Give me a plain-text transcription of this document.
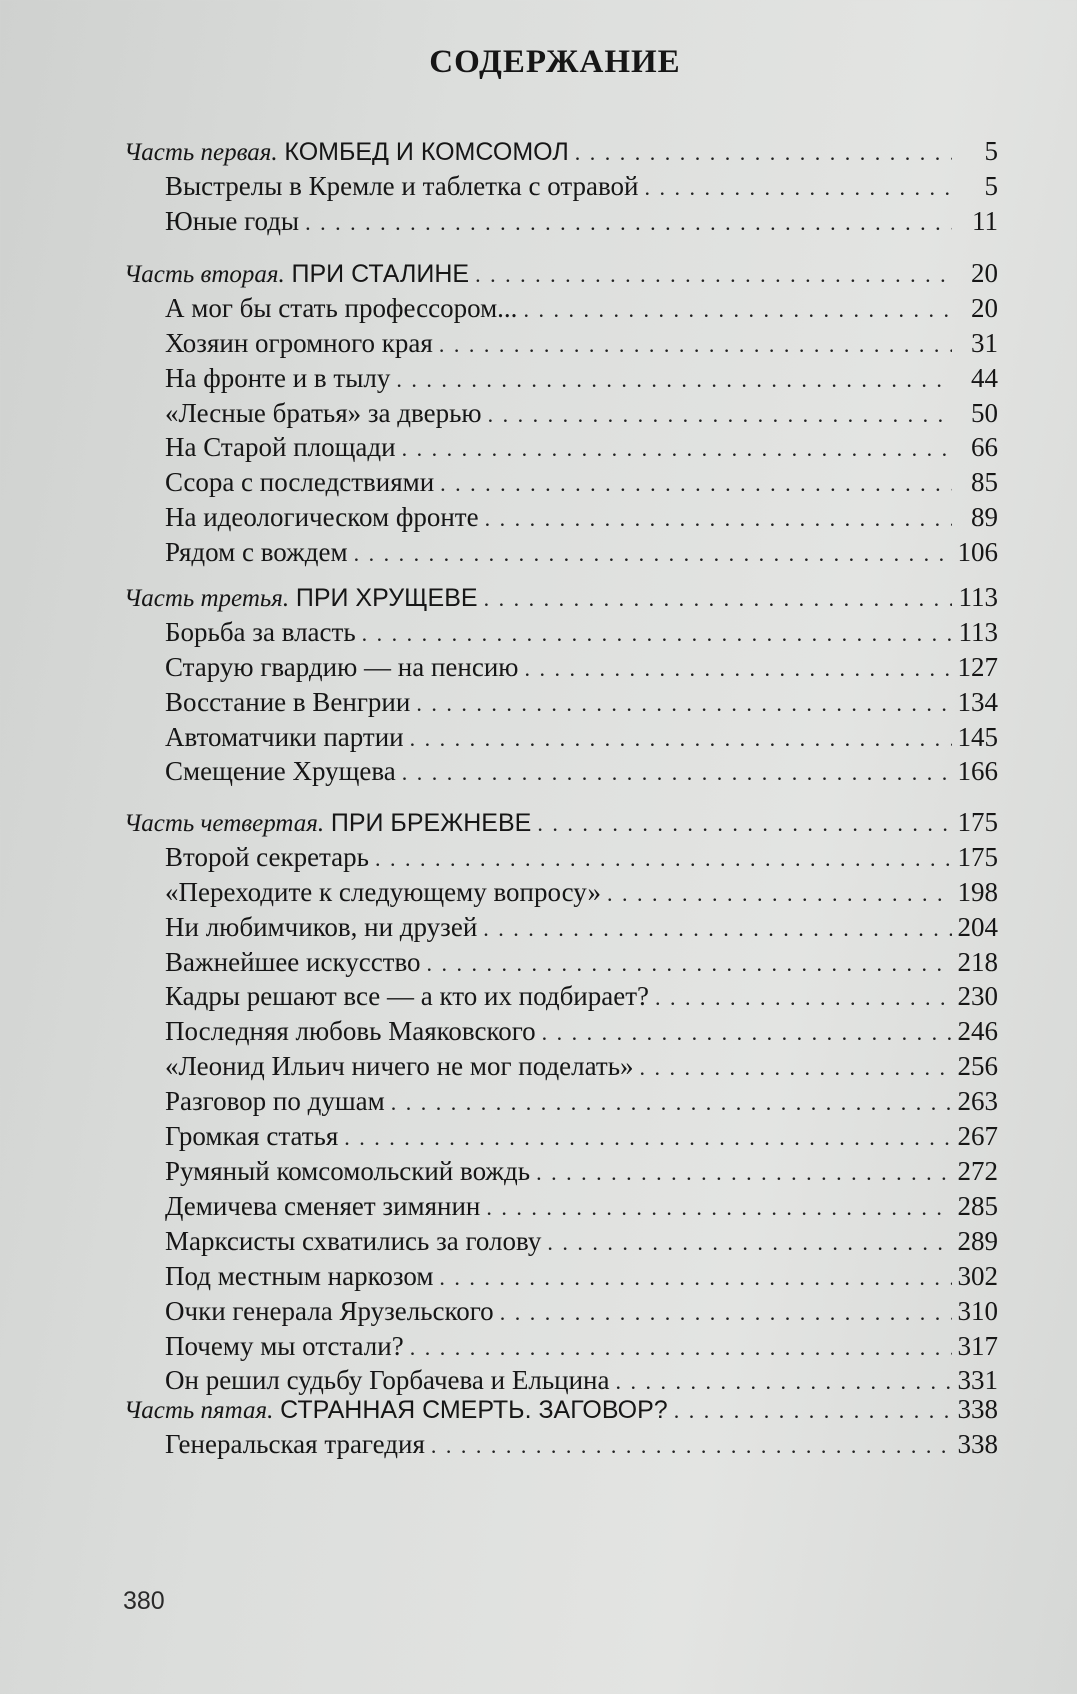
СОДЕРЖАНИЕ
Часть первая. КОМБЕД И КОМСОМОЛ . . .	5
Выстрелы в Кремле и таблетка с отравой . . .	5
Юные годы . . .	11
Часть вторая. ПРИ СТАЛИНЕ . . .	20
А мог бы стать профессором... . . .	20
Хозяин огромного края . . .	31
На фронте и в тылу . . .	44
«Лесные братья» за дверью . . .	50
На Старой площади . . .	66
Ссора с последствиями . . .	85
На идеологическом фронте . . .	89
Рядом с вождем . . .	106
Часть третья. ПРИ ХРУЩЕВЕ . . .	113
Борьба за власть . . .	113
Старую гвардию — на пенсию . . .	127
Восстание в Венгрии . . .	134
Автоматчики партии . . .	145
Смещение Хрущева . . .	166
Часть четвертая. ПРИ БРЕЖНЕВЕ . . .	175
Второй секретарь . . .	175
«Переходите к следующему вопросу» . . .	198
Ни любимчиков, ни друзей . . .	204
Важнейшее искусство . . .	218
Кадры решают все — а кто их подбирает? . . .	230
Последняя любовь Маяковского . . .	246
«Леонид Ильич ничего не мог поделать» . . .	256
Разговор по душам . . .	263
Громкая статья . . .	267
Румяный комсомольский вождь . . .	272
Демичева сменяет зимянин . . .	285
Марксисты схватились за голову . . .	289
Под местным наркозом . . .	302
Очки генерала Ярузельского . . .	310
Почему мы отстали? . . .	317
Он решил судьбу Горбачева и Ельцина . . .	331
Часть пятая. СТРАННАЯ СМЕРТЬ. ЗАГОВОР? . . .	338
Генеральская трагедия . . .	338
380
